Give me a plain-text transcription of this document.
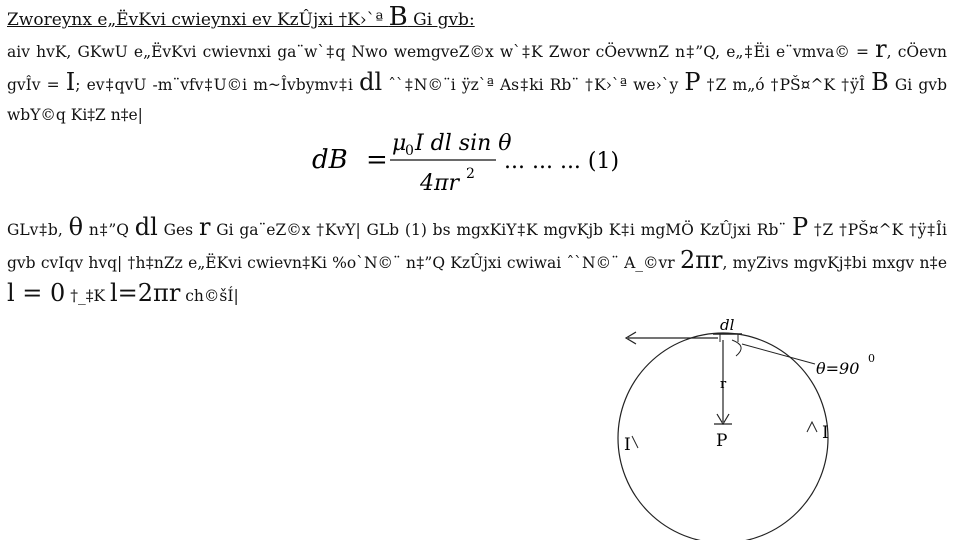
Zworeynx e„ËvKvi cwieynxi ev KzÛjxi †K›`ª B Gi gvb:
aiv hvK, GKwU e„ËvKvi cwievnxi ga¨w`‡q Nwo wemgveZ©x w`‡K Zwor cÖevwnZ n‡”Q, e„‡Ëi e¨vmva© = r, cÖevn gvÎv = I; ev‡qvU -m¨vfv‡U©i m~Îvbymv‡i dl ˆ`‡N©¨i ÿz`ª As‡ki Rb¨ †K›`ª we›`y P †Z m„ó †PŠ¤^K †ÿÎ B Gi gvb wbY©q Ki‡Z n‡e|
dB =
μ
0 I dl sin θ
4πr 2 ... ... ... (1)
GLv‡b, θ n‡”Q dl Ges r Gi ga¨eZ©x †KvY| GLb (1) bs mgxKiY‡K mgvKjb K‡i mgMÖ KzÛjxi Rb¨ P †Z †PŠ¤^K †ÿ‡Îi gvb cvIqv hvq| †h‡nZz e„ËKvi cwievn‡Ki %o`N©¨ n‡”Q KzÛjxi cwiwai ˆ`N©¨ A_©vr 2πr, myZivs mgvKj‡bi mxgv n‡e l = 0 †_‡K l=2πr ch©šÍ|
dl
θ=90
0
r
P
I
I
